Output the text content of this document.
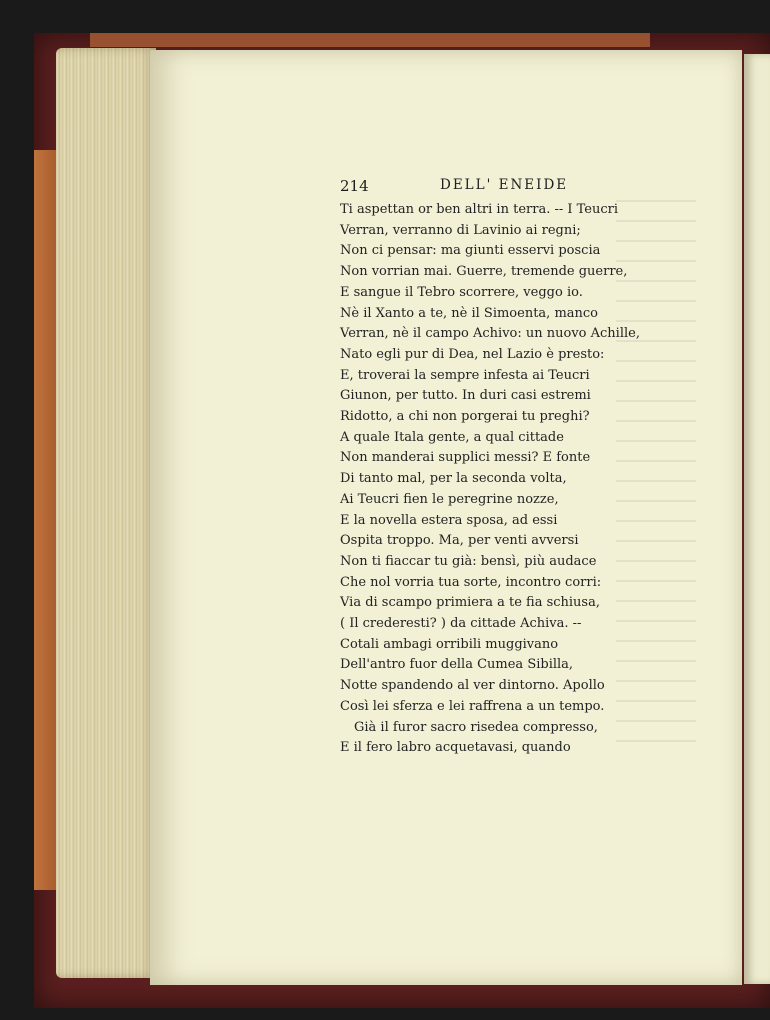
214	DELL' ENEIDE
Ti aspettan or ben altri in terra. -- I Teucri
Verran, verranno di Lavinio ai regni;
Non ci pensar: ma giunti esservi poscia
Non vorrian mai. Guerre, tremende guerre,
E sangue il Tebro scorrere, veggo io.
Nè il Xanto a te, nè il Simoenta, manco
Verran, nè il campo Achivo: un nuovo Achille,
Nato egli pur di Dea, nel Lazio è presto:
E, troverai la sempre infesta ai Teucri
Giunon, per tutto. In duri casi estremi
Ridotto, a chi non porgerai tu preghi?
A quale Itala gente, a qual cittade
Non manderai supplici messi? E fonte
Di tanto mal, per la seconda volta,
Ai Teucri fien le peregrine nozze,
E la novella estera sposa, ad essi
Ospita troppo. Ma, per venti avversi
Non ti fiaccar tu già: bensì, più audace
Che nol vorria tua sorte, incontro corri:
Via di scampo primiera a te fia schiusa,
( Il crederesti? ) da cittade Achiva. --
Cotali ambagi orribili muggivano
Dell'antro fuor della Cumea Sibilla,
Notte spandendo al ver dintorno. Apollo
Così lei sferza e lei raffrena a un tempo.
Già il furor sacro risedea compresso,
E il fero labro acquetavasi, quando
